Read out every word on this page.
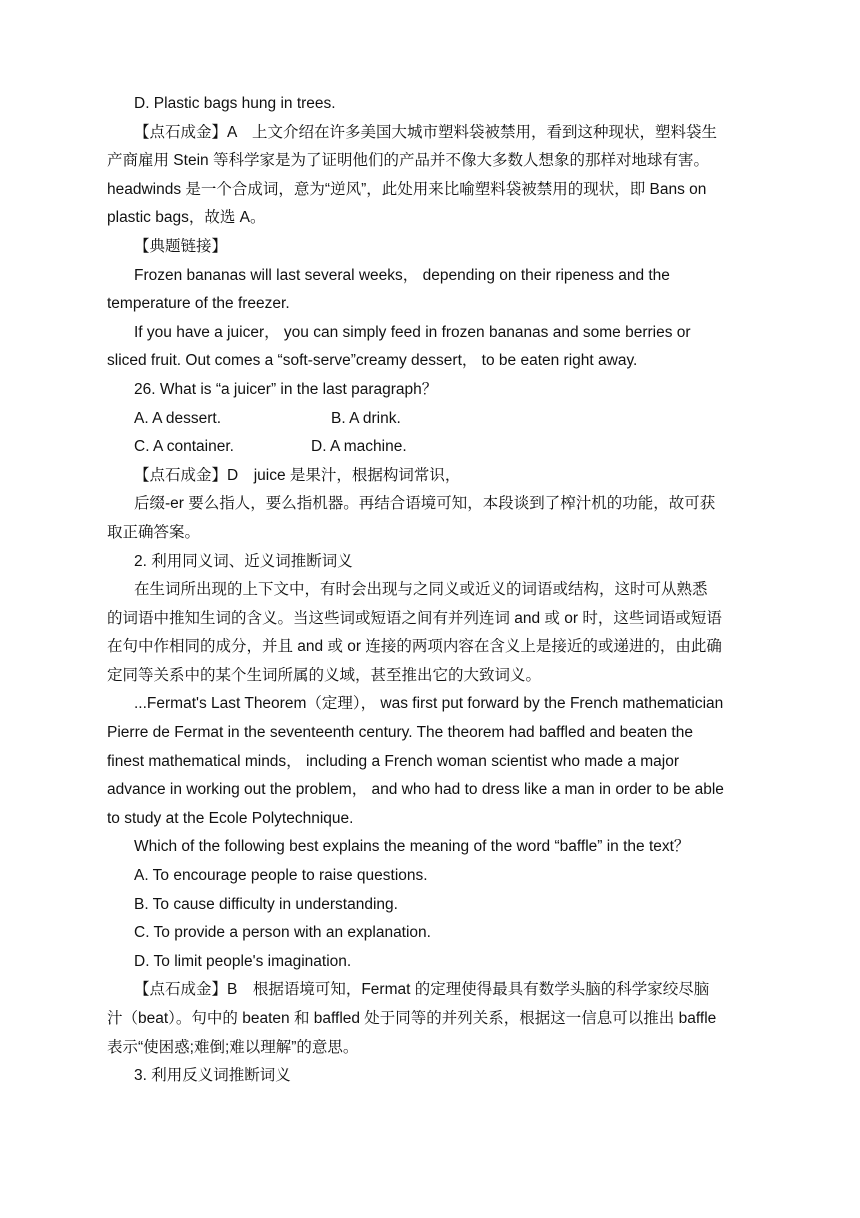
D. Plastic bags hung in trees.
【点石成金】A　上文介绍在许多美国大城市塑料袋被禁用，看到这种现状，塑料袋生
产商雇用 Stein 等科学家是为了证明他们的产品并不像大多数人想象的那样对地球有害。
headwinds 是一个合成词，意为“逆风”，此处用来比喻塑料袋被禁用的现状，即 Bans on
plastic bags，故选 A。
【典题链接】
Frozen bananas will last several weeks， depending on their ripeness and the
temperature of the freezer.
If you have a juicer， you can simply feed in frozen bananas and some berries or
sliced fruit. Out comes a “soft-serve”creamy dessert， to be eaten right away.
26. What is “a juicer” in the last paragraph？
A. A dessert.	B. A drink.
C. A container.	D. A machine.
【点石成金】D　juice 是果汁，根据构词常识，
后缀-er 要么指人，要么指机器。再结合语境可知，本段谈到了榨汁机的功能，故可获
取正确答案。
2. 利用同义词、近义词推断词义
在生词所出现的上下文中，有时会出现与之同义或近义的词语或结构，这时可从熟悉
的词语中推知生词的含义。当这些词或短语之间有并列连词 and 或 or 时，这些词语或短语
在句中作相同的成分，并且 and 或 or 连接的两项内容在含义上是接近的或递进的，由此确
定同等关系中的某个生词所属的义域，甚至推出它的大致词义。
...Fermat's Last Theorem（定理）， was first put forward by the French mathematician
Pierre de Fermat in the seventeenth century. The theorem had baffled and beaten the
finest mathematical minds， including a French woman scientist who made a major
advance in working out the problem， and who had to dress like a man in order to be able
to study at the Ecole Polytechnique.
Which of the following best explains the meaning of the word “baffle” in the text？
A. To encourage people to raise questions.
B. To cause difficulty in understanding.
C. To provide a person with an explanation.
D. To limit people's imagination.
【点石成金】B　根据语境可知，Fermat 的定理使得最具有数学头脑的科学家绞尽脑
汁（beat）。句中的 beaten 和 baffled 处于同等的并列关系，根据这一信息可以推出 baffle
表示“使困惑;难倒;难以理解”的意思。
3. 利用反义词推断词义
